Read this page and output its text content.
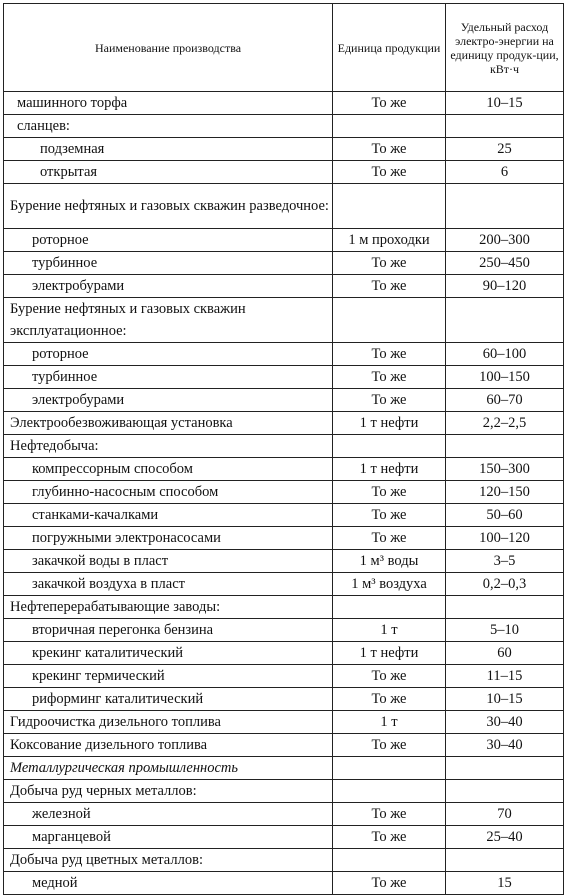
Наименование производства	Единица продукции	Удельный расход электро-энергии на единицу продук-ции, кВт·ч
машинного торфа	То же	10–15
сланцев:		
подземная	То же	25
открытая	То же	6
Бурение нефтяных и газовых скважин разведочное:		
роторное	1 м проходки	200–300
турбинное	То же	250–450
электробурами	То же	90–120
Бурение нефтяных и газовых скважин эксплуатационное:		
роторное	То же	60–100
турбинное	То же	100–150
электробурами	То же	60–70
Электрообезвоживающая установка	1 т нефти	2,2–2,5
Нефтедобыча:		
компрессорным способом	1 т нефти	150–300
глубинно-насосным способом	То же	120–150
станками-качалками	То же	50–60
погружными электронасосами	То же	100–120
закачкой воды в пласт	1 м³ воды	3–5
закачкой воздуха в пласт	1 м³ воздуха	0,2–0,3
Нефтеперерабатывающие заводы:		
вторичная перегонка бензина	1 т	5–10
крекинг каталитический	1 т нефти	60
крекинг термический	То же	11–15
риформинг каталитический	То же	10–15
Гидроочистка дизельного топлива	1 т	30–40
Коксование дизельного топлива	То же	30–40
Металлургическая промышленность		
Добыча руд черных металлов:		
железной	То же	70
марганцевой	То же	25–40
Добыча руд цветных металлов:		
медной	То же	15
